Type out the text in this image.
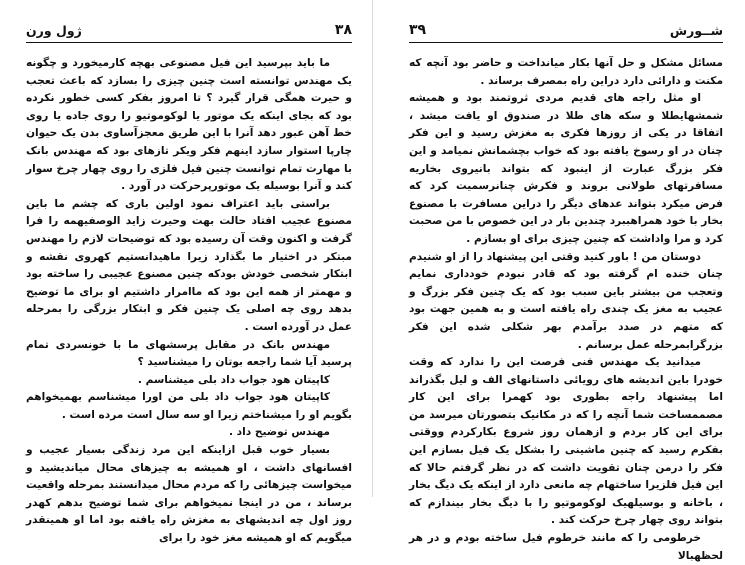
۳۸
ژول ورن

ما باید بپرسید این فیل مصنوعی بهچه کارمیخورد و چگونه یک مهندس توانسته است چنین چیزی را بسازد که باعث تعجب و حیرت همگی قرار گیرد ؟ تا امروز بفکر کسی خطور نکرده بود که بجای اینکه یک موتور یا لوکوموتیو را روی جاده یا روی خط آهن عبور دهد آنرا با این طریق معجزآساوی بدن یک حیوان چارپا استوار سازد اینهم فکر ویکر تازهای بود که مهندس بانک با مهارت تمام توانست چنین فیل فلزی را روی چهار چرخ سوار کند و آنرا بوسیله یک موتورپرحرکت در آورد .

براستی باید اعتراف نمود اولین باری که چشم ما باین مصنوع عجیب افتاد حالت بهت وحیرت زاید الوصفیهمه را فرا گرفت و اکنون وقت آن رسیده بود که توضیحات لازم را مهندس مبتکر در اختیار ما بگذارد زیرا ماهیدانستیم کهروی نقشه و ابتکار شخصی خودش بودکه چنین مصنوع عجیبی را ساخته بود و مهمتر از همه این بود که ماامرار داشتیم او برای ما توضیح بدهد روی چه اصلی یک چنین فکر و ابتکار بزرگی را بمرحله عمل در آورده است .

مهندس بانک در مقابل پرسشهای ما با خونسردی تمام پرسید آیا شما راجعه بوتان را میشناسید ؟

کاپیتان هود جواب داد بلی میشناسم .

کاپیتان هود جواب داد بلی من اورا میشناسم بهمیخواهم بگویم او را میشناختم زیرا او سه سال است مرده است .

مهندس توضیح داد .

بسیار خوب قبل ازاینکه این مرد زندگی بسیار عجیب و افسانهای داشت ، او همیشه به چیزهای محال میاندیشید و میخواست چیزهائی را که مردم محال میدانستند بمرحله واقعیت برساند ، من در اینجا نمیخواهم برای شما توضیح بدهم کهدر روز اول چه اندیشهای به مغزش راه یافته بود اما او همینقدر میگویم که او همیشه مغز خود را برای

شــورش
۳۹

مسائل مشکل و حل آنها بکار میانداخت و حاضر بود آنچه که مکنت و دارائی دارد دراین راه بمصرف برساند .

او مثل راجه های قدیم مردی ثروتمند بود و همیشه شمشهایطلا و سکه های طلا در صندوق او یافت میشد ، اتفاقا در یکی از روزها فکری به مغزش رسید و این فکر چنان در او رسوخ یافته بود که خواب بچشمانش نمیامد و این فکر بزرگ عبارت از اینبود که بتواند بانیروی بخاریه مسافرتهای طولانی بروند و فکرش چنانرسمیت کرد که فرض میکرد بتواند عدهای دیگر را دراین مسافرت با مصنوع بخار با خود همراهببرد چندین بار در این خصوص با من صحبت کرد و مرا واداشت که چنین چیزی برای او بسازم .

دوستان من ! باور کنید وقتی این پیشنهاد را از او شنیدم چنان خنده ام گرفته بود که قادر نبودم خودداری نمایم وتعجب من بیشتر باین سبب بود که یک چنین فکر بزرگ و عجیب به مغز یک چندی راه یافته است و به همین جهت بود که متهم در صدد برآمدم بهر شکلی شده این فکر بزرگرابمرحله عمل برسانم .

میدانید یک مهندس فنی فرصت این را ندارد که وقت خودرا باین اندیشه های رویائی داستانهای الف و لیل بگذراند اما پیشنهاد راجه بطوری بود کهمرا برای این کار مصممساخت شما آنچه را که در مکانیک بتصورتان میرسد من برای این کار بردم و ازهمان روز شروع بکارکردم ووقتی بفکرم رسید که چنین ماشینی را بشکل یک فیل بسازم این فکر را درمن چنان تقویت داشت که در نظر گرفتم حالا که این فیل فلزیرا ساختهام چه مانعی دارد از اینکه یک دیگ بخار ، باخانه و بوسیلهیک لوکوموتیو را با دیگ بخار بیندازم که بتواند روی چهار چرخ حرکت کند .

خرطومی را که مانند خرطوم فیل ساخته بودم و در هر لحظهبالا
